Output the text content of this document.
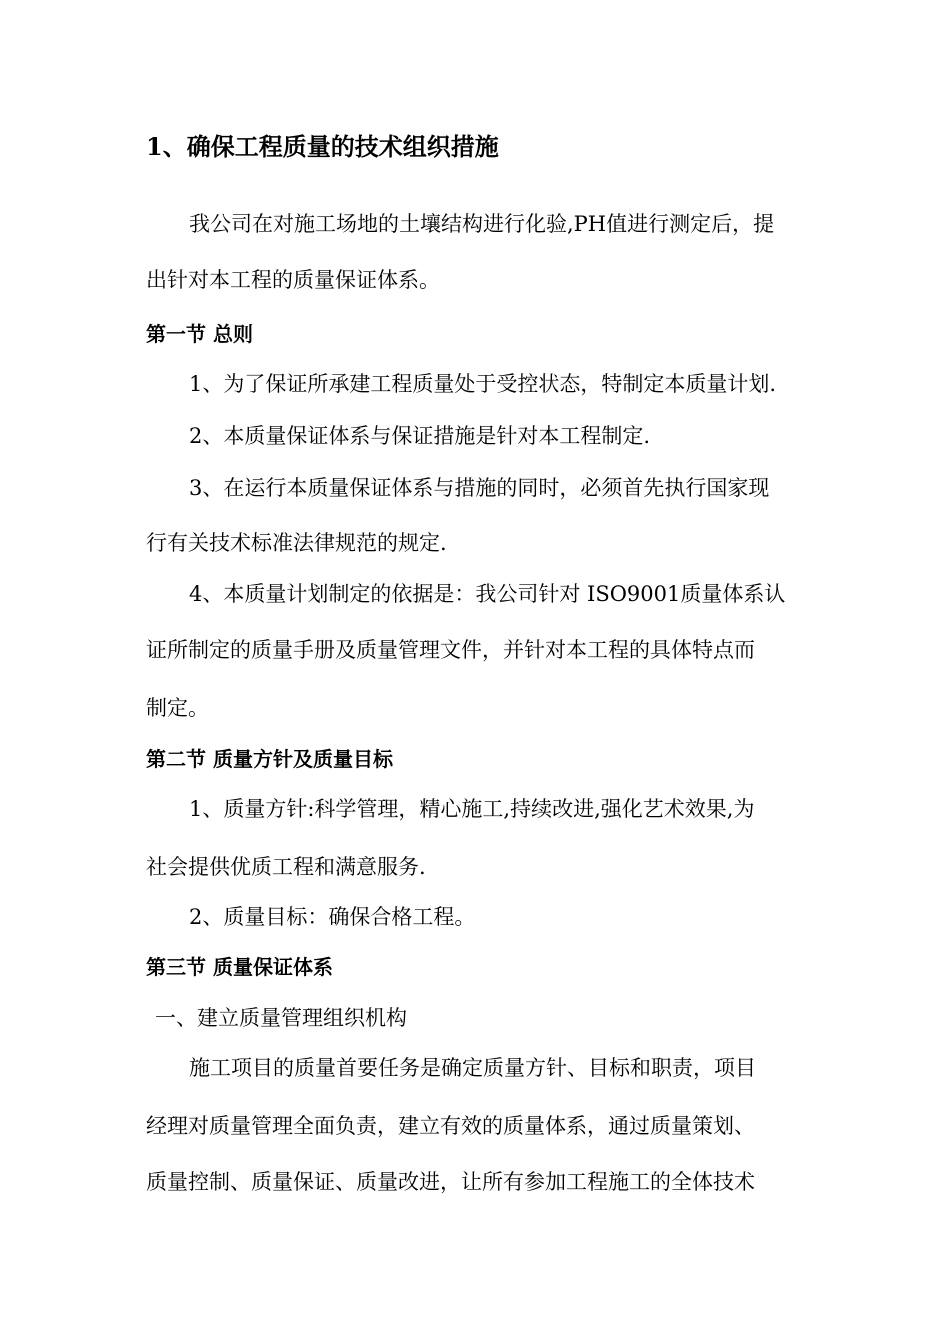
1、确保工程质量的技术组织措施
我公司在对施工场地的土壤结构进行化验,PH值进行测定后，提
出针对本工程的质量保证体系。
第一节 总则
1、为了保证所承建工程质量处于受控状态，特制定本质量计划.
2、本质量保证体系与保证措施是针对本工程制定.
3、在运行本质量保证体系与措施的同时，必须首先执行国家现
行有关技术标准法律规范的规定.
4、本质量计划制定的依据是：我公司针对 ISO9001质量体系认
证所制定的质量手册及质量管理文件，并针对本工程的具体特点而
制定。
第二节 质量方针及质量目标
1、质量方针:科学管理，精心施工,持续改进,强化艺术效果,为
社会提供优质工程和满意服务.
2、质量目标：确保合格工程。
第三节 质量保证体系
一、建立质量管理组织机构
施工项目的质量首要任务是确定质量方针、目标和职责，项目
经理对质量管理全面负责，建立有效的质量体系，通过质量策划、
质量控制、质量保证、质量改进，让所有参加工程施工的全体技术
